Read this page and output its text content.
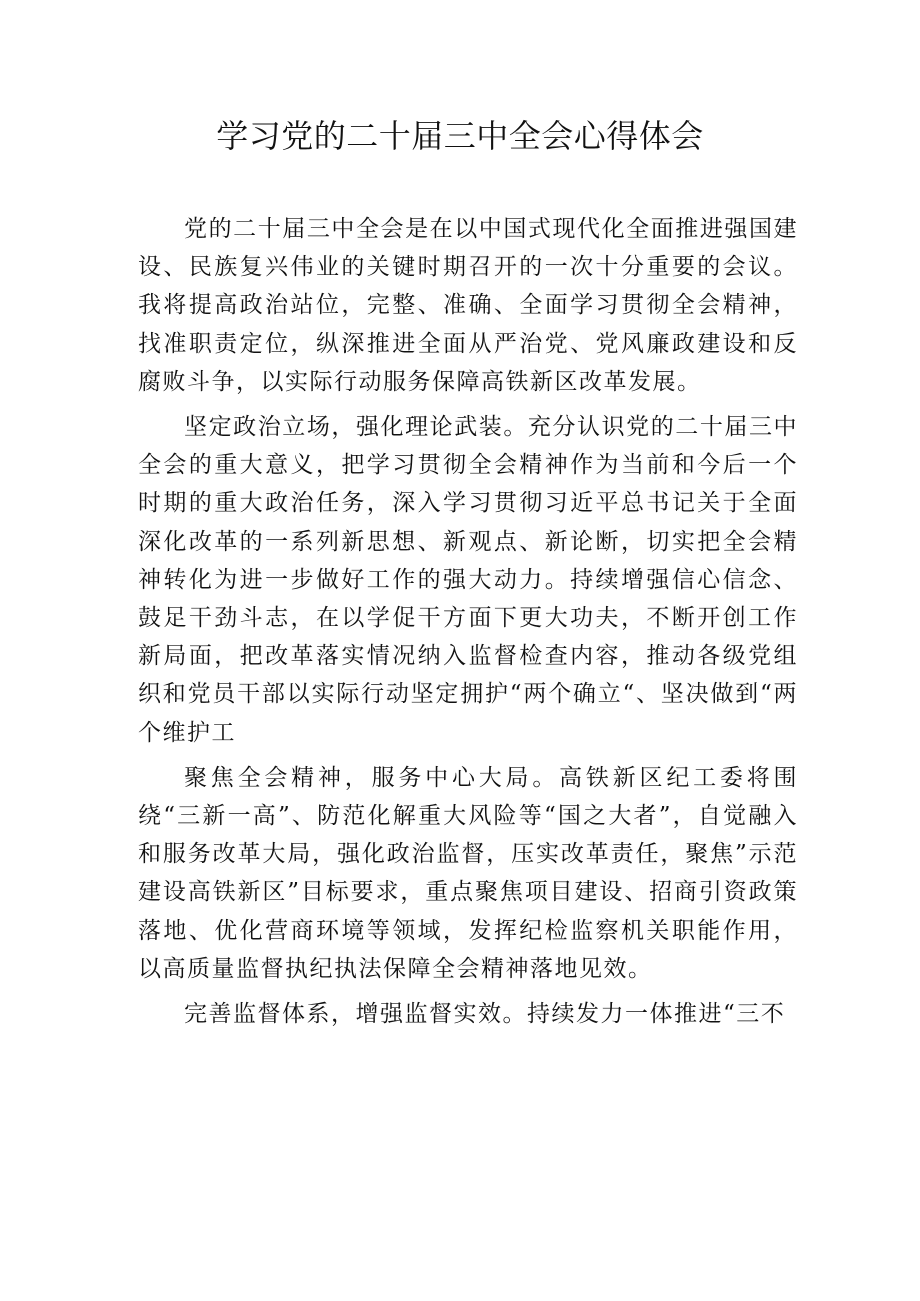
学习党的二十届三中全会心得体会

党的二十届三中全会是在以中国式现代化全面推进强国建设、民族复兴伟业的关键时期召开的一次十分重要的会议。我将提高政治站位，完整、准确、全面学习贯彻全会精神，找准职责定位，纵深推进全面从严治党、党风廉政建设和反腐败斗争，以实际行动服务保障高铁新区改革发展。

坚定政治立场，强化理论武装。充分认识党的二十届三中全会的重大意义，把学习贯彻全会精神作为当前和今后一个时期的重大政治任务，深入学习贯彻习近平总书记关于全面深化改革的一系列新思想、新观点、新论断，切实把全会精神转化为进一步做好工作的强大动力。持续增强信心信念、鼓足干劲斗志，在以学促干方面下更大功夫，不断开创工作新局面，把改革落实情况纳入监督检查内容，推动各级党组织和党员干部以实际行动坚定拥护“两个确立“、坚决做到“两个维护工

聚焦全会精神，服务中心大局。高铁新区纪工委将围绕“三新一高”、防范化解重大风险等“国之大者”，自觉融入和服务改革大局，强化政治监督，压实改革责任，聚焦”示范建设高铁新区”目标要求，重点聚焦项目建设、招商引资政策落地、优化营商环境等领域，发挥纪检监察机关职能作用，以高质量监督执纪执法保障全会精神落地见效。

完善监督体系，增强监督实效。持续发力一体推进“三不
